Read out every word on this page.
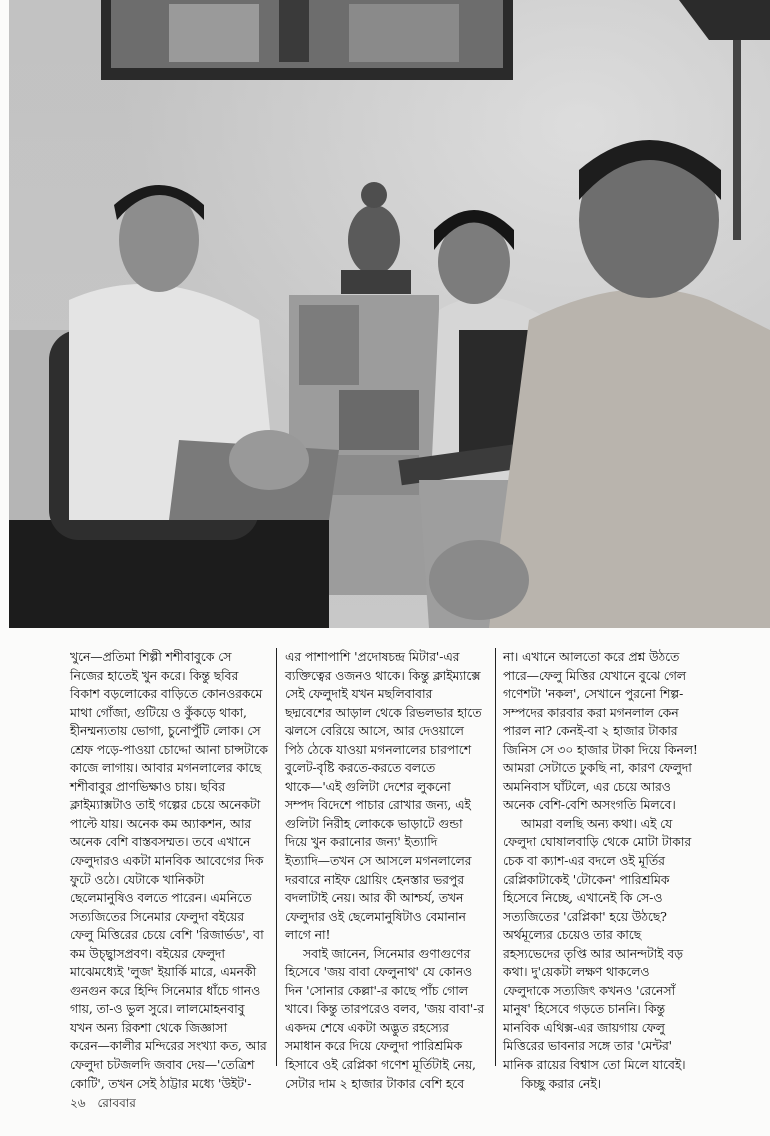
খুনে—প্রতিমা শিল্পী শশীবাবুকে সে

নিজের হাতেই খুন করে। কিন্তু ছবির

বিকাশ বড়লোকের বাড়িতে কোনওরকমে

মাথা গোঁজা, গুটিয়ে ও কুঁকড়ে থাকা,

হীনম্মন্যতায় ভোগা, চুনোপুঁটি লোক। সে

শ্রেফ পড়ে-পাওয়া চোদ্দো আনা চান্সটাকে

কাজে লাগায়। আবার মগনলালের কাছে

শশীবাবুর প্রাণভিক্ষাও চায়। ছবির

ক্লাইম্যাক্সটাও তাই গল্পের চেয়ে অনেকটা

পাল্টে যায়। অনেক কম অ্যাকশন, আর

অনেক বেশি বাস্তবসম্মত। তবে এখানে

ফেলুদারও একটা মানবিক আবেগের দিক

ফুটে ওঠে। যেটাকে খানিকটা

ছেলেমানুষিও বলতে পারেন। এমনিতে

সত্যজিতের সিনেমার ফেলুদা বইয়ের

ফেলু মিত্তিরের চেয়ে বেশি 'রিজার্ভড', বা

কম উচ্ছ্বাসপ্রবণ। বইয়ের ফেলুদা

মাঝেমধ্যেই 'লুজ' ইয়ার্কি মারে, এমনকী

গুনগুন করে হিন্দি সিনেমার ধাঁচে গানও

গায়, তা-ও ভুল সুরে। লালমোহনবাবু

যখন অন্য রিকশা থেকে জিজ্ঞাসা

করেন—কালীর মন্দিরের সংখ্যা কত, আর

ফেলুদা চটজলদি জবাব দেয়—'তেত্রিশ

কোটি', তখন সেই ঠাট্টার মধ্যে 'উইট'-

এর পাশাপাশি 'প্রদোষচন্দ্র মিটার'-এর

ব্যক্তিত্বের ওজনও থাকে। কিন্তু ক্লাইম্যাক্সে

সেই ফেলুদাই যখন মছলিবাবার

ছদ্মবেশের আড়াল থেকে রিভলভার হাতে

ঝলসে বেরিয়ে আসে, আর দেওয়ালে

পিঠ ঠেকে যাওয়া মগনলালের চারপাশে

বুলেট-বৃষ্টি করতে-করতে বলতে

থাকে—'এই গুলিটা দেশের লুকনো

সম্পদ বিদেশে পাচার রোখার জন্য, এই

গুলিটা নিরীহ লোককে ভাড়াটে গুন্ডা

দিয়ে খুন করানোর জন্য' ইত্যাদি

ইত্যাদি—তখন সে আসলে মগনলালের

দরবারে নাইফ থ্রোয়িং হেনস্তার ভরপুর

বদলাটাই নেয়। আর কী আশ্চর্য, তখন

ফেলুদার ওই ছেলেমানুষিটাও বেমানান

লাগে না!

সবাই জানেন, সিনেমার গুণাগুণের

হিসেবে 'জয় বাবা ফেলুনাথ' যে কোনও

দিন 'সোনার কেল্লা'-র কাছে পাঁচ গোল

খাবে। কিন্তু তারপরেও বলব, 'জয় বাবা'-র

একদম শেষে একটা অদ্ভুত রহস্যের

সমাধান করে দিয়ে ফেলুদা পারিশ্রমিক

হিসাবে ওই রেপ্লিকা গণেশ মূর্তিটাই নেয়,

সেটার দাম ২ হাজার টাকার বেশি হবে

না। এখানে আলতো করে প্রশ্ন উঠতে

পারে—ফেলু মিত্তির যেখানে বুঝে গেল

গণেশটা 'নকল', সেখানে পুরনো শিল্প-

সম্পদের কারবার করা মগনলাল কেন

পারল না? কেনই-বা ২ হাজার টাকার

জিনিস সে ৩০ হাজার টাকা দিয়ে কিনল!

আমরা সেটাতে ঢুকছি না, কারণ ফেলুদা

অমনিবাস ঘাঁটলে, এর চেয়ে আরও

অনেক বেশি-বেশি অসংগতি মিলবে।

আমরা বলছি অন্য কথা। এই যে

ফেলুদা ঘোষালবাড়ি থেকে মোটা টাকার

চেক বা ক্যাশ-এর বদলে ওই মূর্তির

রেপ্লিকাটাকেই 'টোকেন' পারিশ্রমিক

হিসেবে নিচ্ছে, এখানেই কি সে-ও

সত্যজিতের 'রেপ্লিকা' হয়ে উঠছে?

অর্থমূল্যের চেয়েও তার কাছে

রহস্যভেদের তৃপ্তি আর আনন্দটাই বড়

কথা। দু'য়েকটা লক্ষণ থাকলেও

ফেলুদাকে সত্যজিৎ কখনও 'রেনেসাঁ

মানুষ' হিসেবে গড়তে চাননি। কিন্তু

মানবিক এথিক্স-এর জায়গায় ফেলু

মিত্তিরের ভাবনার সঙ্গে তার 'মেন্টর'

মানিক রায়ের বিশ্বাস তো মিলে যাবেই।

কিচ্ছু করার নেই।

২৬ রোববার
